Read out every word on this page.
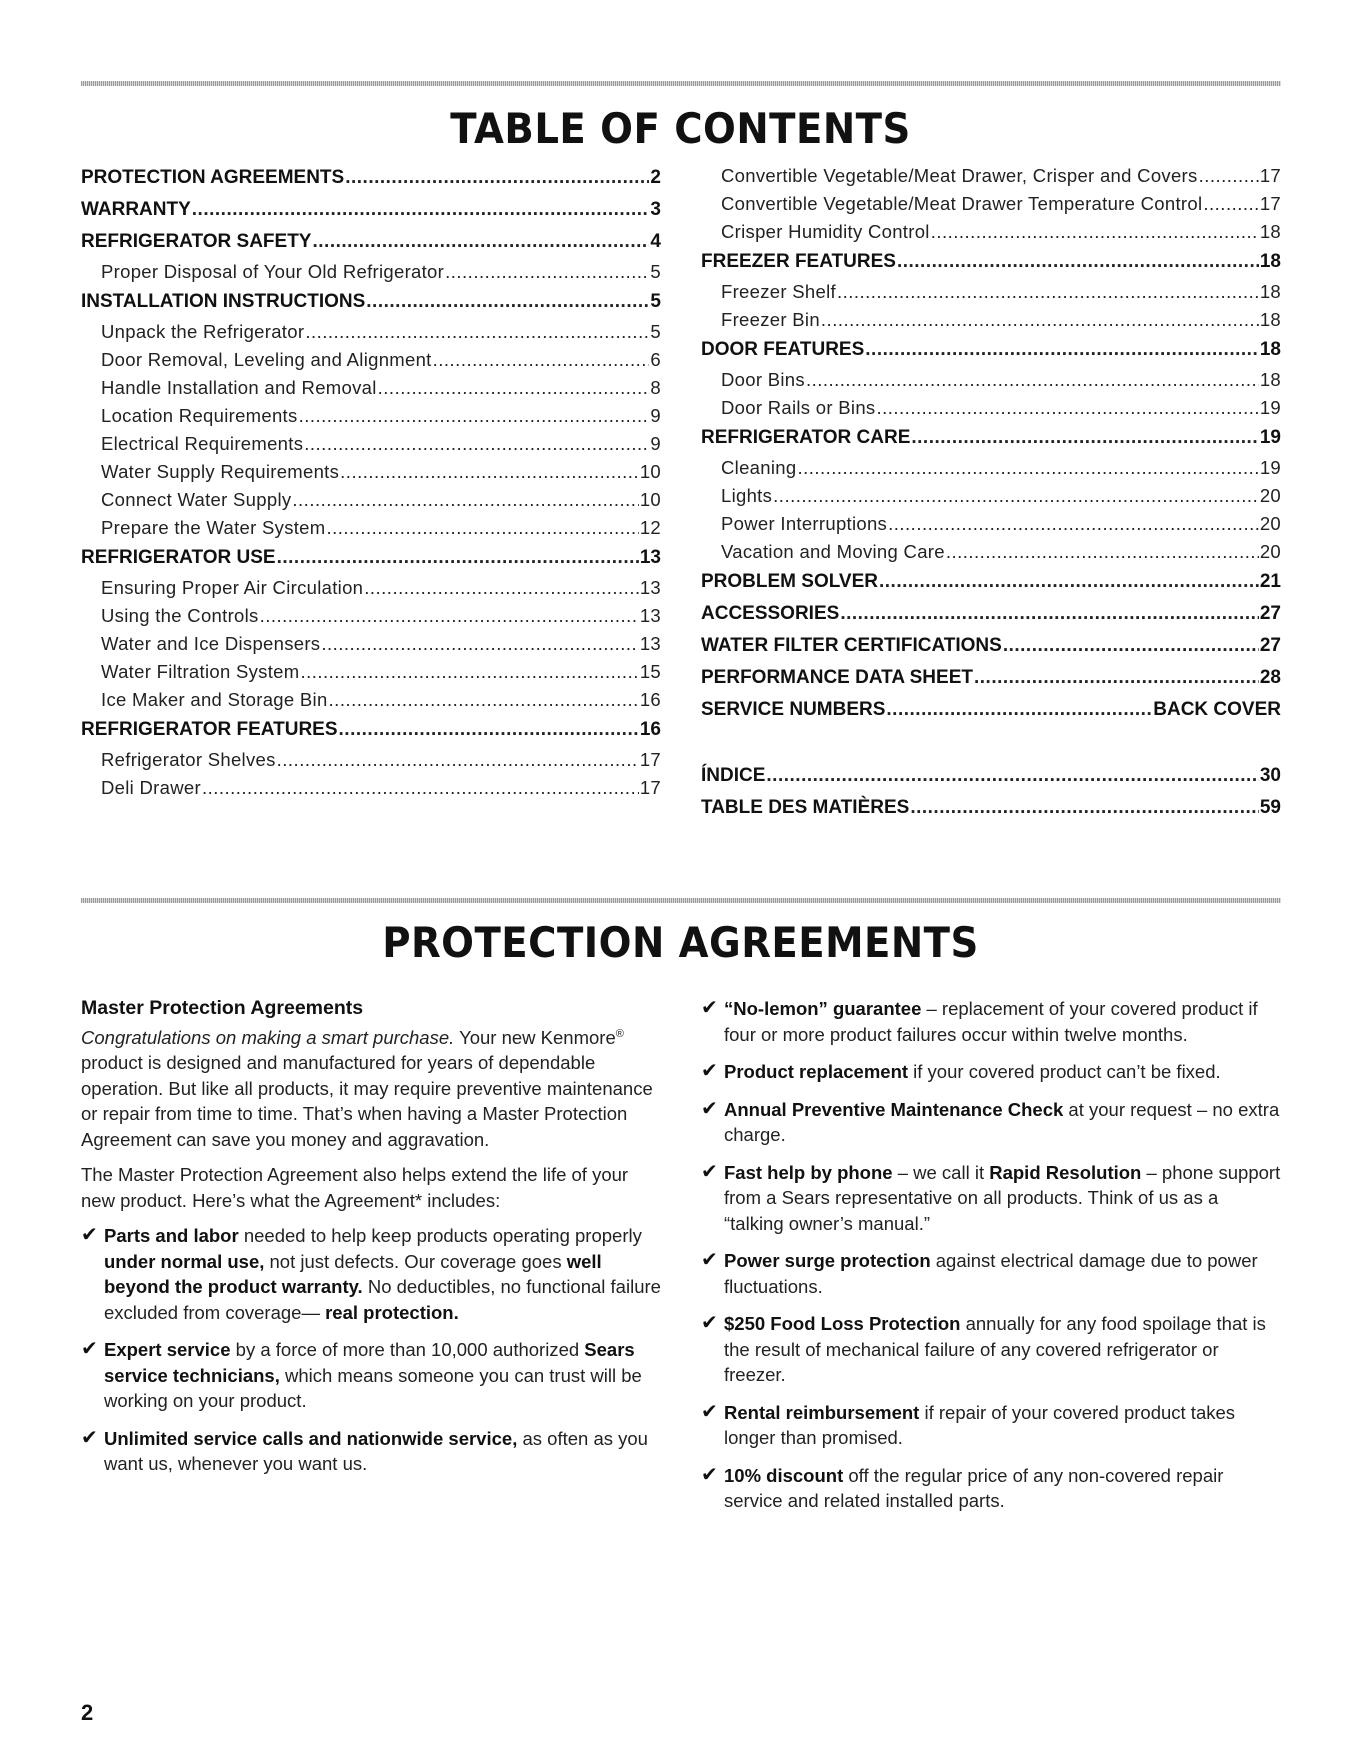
TABLE OF CONTENTS
PROTECTION AGREEMENTS .....	2
WARRANTY .....	3
REFRIGERATOR SAFETY .....	4
Proper Disposal of Your Old Refrigerator .....	5
INSTALLATION INSTRUCTIONS .....	5
Unpack the Refrigerator .....	5
Door Removal, Leveling and Alignment .....	6
Handle Installation and Removal .....	8
Location Requirements .....	9
Electrical Requirements .....	9
Water Supply Requirements .....	10
Connect Water Supply .....	10
Prepare the Water System .....	12
REFRIGERATOR USE .....	13
Ensuring Proper Air Circulation .....	13
Using the Controls .....	13
Water and Ice Dispensers .....	13
Water Filtration System .....	15
Ice Maker and Storage Bin .....	16
REFRIGERATOR FEATURES .....	16
Refrigerator Shelves .....	17
Deli Drawer .....	17
Convertible Vegetable/Meat Drawer, Crisper and Covers .....	17
Convertible Vegetable/Meat Drawer Temperature Control .....	17
Crisper Humidity Control .....	18
FREEZER FEATURES .....	18
Freezer Shelf .....	18
Freezer Bin .....	18
DOOR FEATURES .....	18
Door Bins .....	18
Door Rails or Bins .....	19
REFRIGERATOR CARE .....	19
Cleaning .....	19
Lights .....	20
Power Interruptions .....	20
Vacation and Moving Care .....	20
PROBLEM SOLVER .....	21
ACCESSORIES .....	27
WATER FILTER CERTIFICATIONS .....	27
PERFORMANCE DATA SHEET .....	28
SERVICE NUMBERS .....	BACK COVER
ÍNDICE .....	30
TABLE DES MATIÈRES .....	59
PROTECTION AGREEMENTS
Master Protection Agreements

Congratulations on making a smart purchase. Your new Kenmore® product is designed and manufactured for years of dependable operation. But like all products, it may require preventive maintenance or repair from time to time. That’s when having a Master Protection Agreement can save you money and aggravation.

The Master Protection Agreement also helps extend the life of your new product. Here’s what the Agreement* includes:

✔ Parts and labor needed to help keep products operating properly under normal use, not just defects. Our coverage goes well beyond the product warranty. No deductibles, no functional failure excluded from coverage— real protection.
✔ Expert service by a force of more than 10,000 authorized Sears service technicians, which means someone you can trust will be working on your product.
✔ Unlimited service calls and nationwide service, as often as you want us, whenever you want us.
✔ “No-lemon” guarantee – replacement of your covered product if four or more product failures occur within twelve months.
✔ Product replacement if your covered product can’t be fixed.
✔ Annual Preventive Maintenance Check at your request – no extra charge.
✔ Fast help by phone – we call it Rapid Resolution – phone support from a Sears representative on all products. Think of us as a “talking owner’s manual.”
✔ Power surge protection against electrical damage due to power fluctuations.
✔ $250 Food Loss Protection annually for any food spoilage that is the result of mechanical failure of any covered refrigerator or freezer.
✔ Rental reimbursement if repair of your covered product takes longer than promised.
✔ 10% discount off the regular price of any non-covered repair service and related installed parts.
2
